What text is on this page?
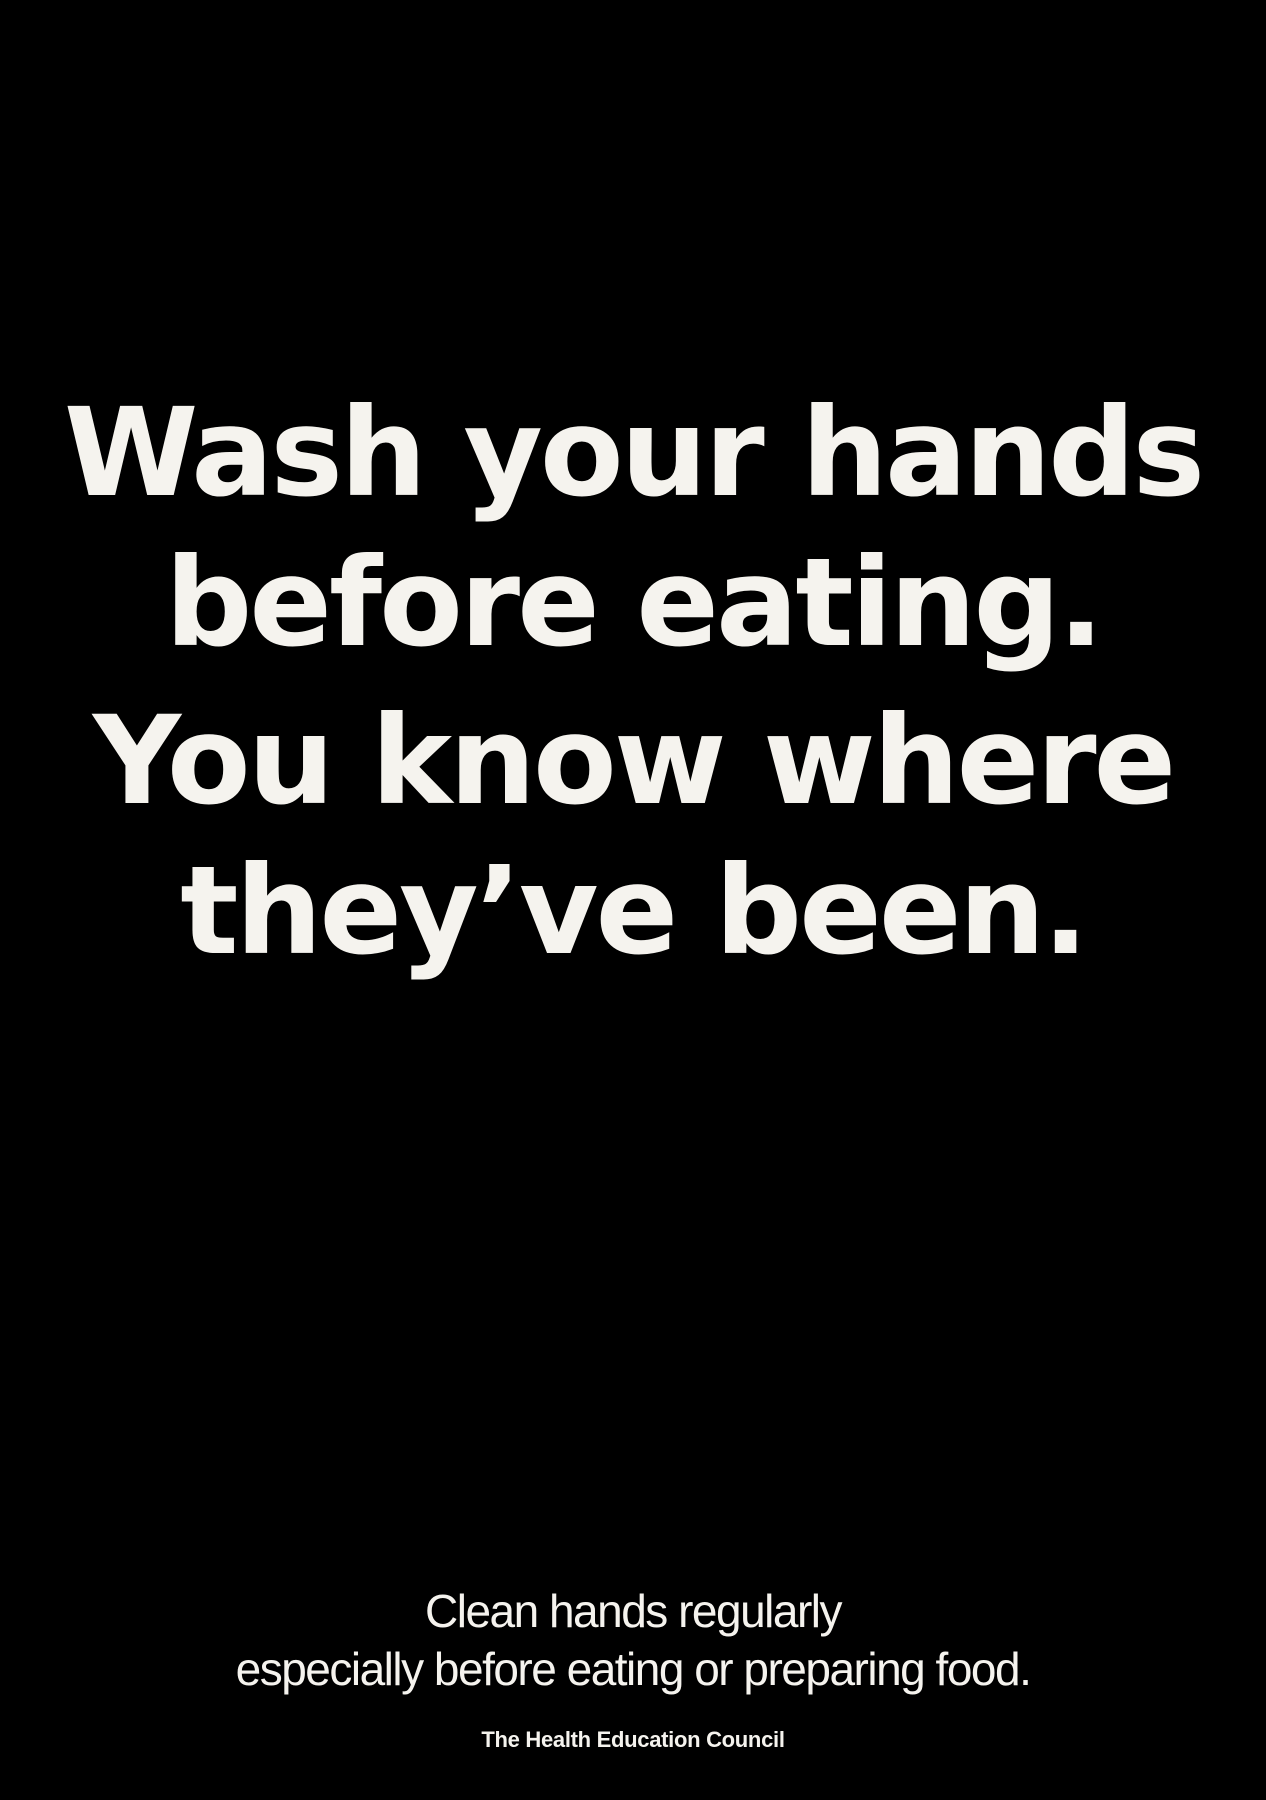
Wash your hands
before eating.
You know where
they’ve been.
Clean hands regularly
especially before eating or preparing food.
The Health Education Council
